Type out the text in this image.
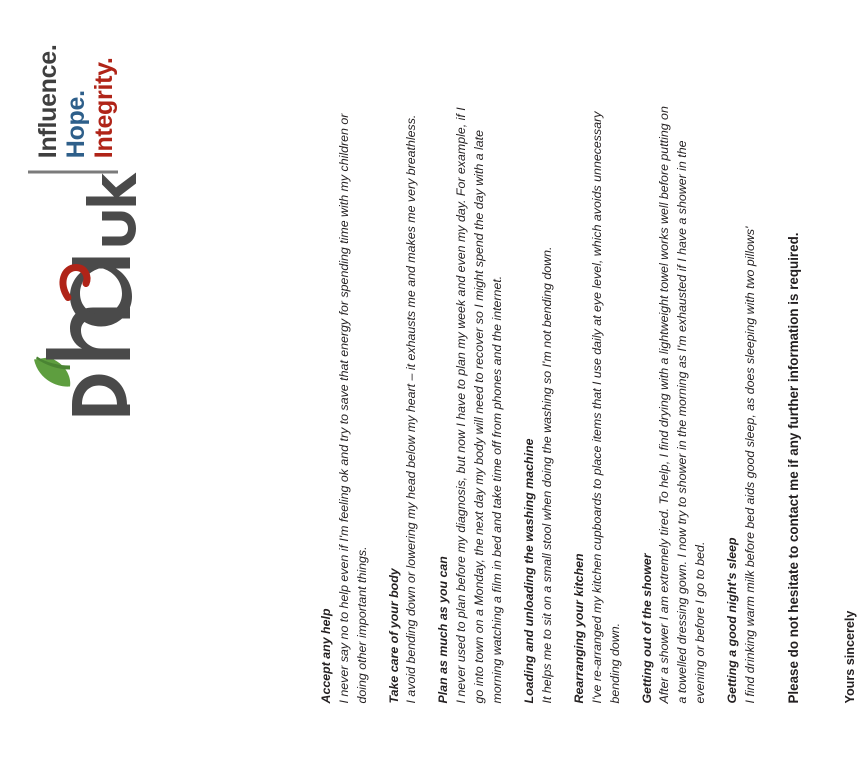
Influence. Hope. Integrity.
Accept any help I never say no to help even if I'm feeling ok and try to save that energy for spending time with my children or doing other important things. Take care of your body I avoid bending down or lowering my head below my heart – it exhausts me and makes me very breathless. Plan as much as you can I never used to plan before my diagnosis, but now I have to plan my week and even my day. For example, if I go into town on a Monday, the next day my body will need to recover so I might spend the day with a late morning watching a film in bed and take time off from phones and the internet. Loading and unloading the washing machine It helps me to sit on a small stool when doing the washing so I'm not bending down. Rearranging your kitchen I've re-arranged my kitchen cupboards to place items that I use daily at eye level, which avoids unnecessary bending down. Getting out of the shower After a shower I am extremely tired. To help, I find drying with a lightweight towel works well before putting on a towelled dressing gown. I now try to shower in the morning as I'm exhausted if I have a shower in the evening or before I go to bed. Getting a good night's sleep I find drinking warm milk before bed aids good sleep, as does sleeping with two pillows' Please do not hesitate to contact me if any further information is required.	Yours sincerely
